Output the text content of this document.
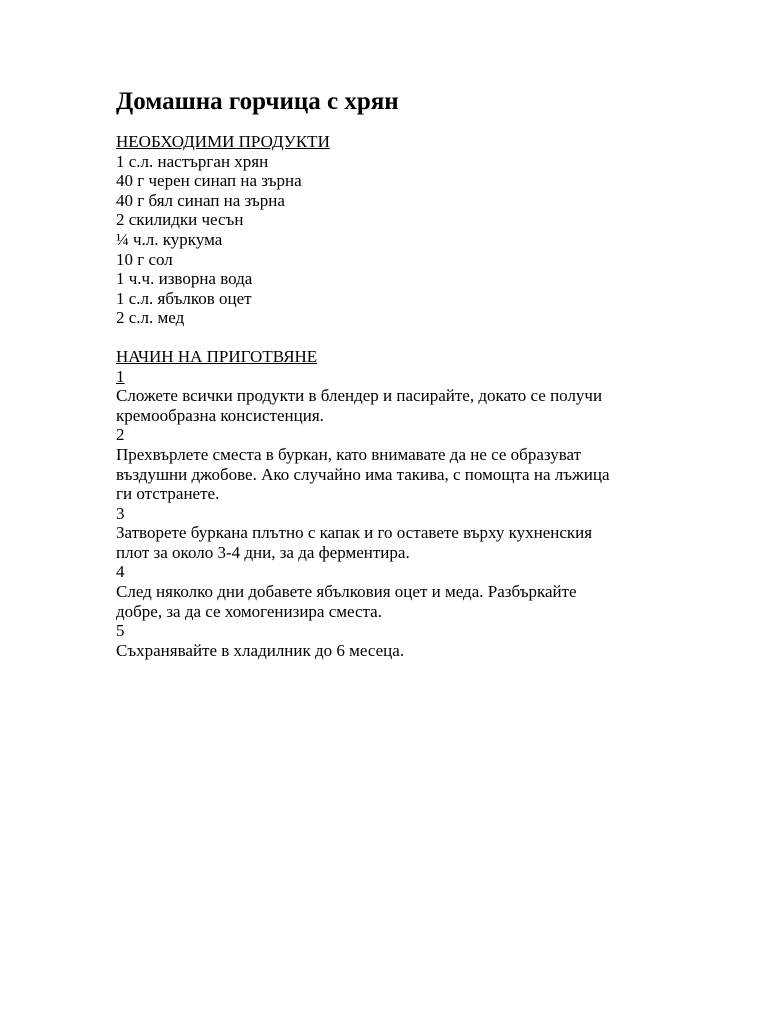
Домашна горчица с хрян
НЕОБХОДИМИ ПРОДУКТИ
1 с.л. настърган хрян
40 г черен синап на зърна
40 г бял синап на зърна
2 скилидки чесън
¼ ч.л. куркума
10 г сол
1 ч.ч. изворна вода
1 с.л. ябълков оцет
2 с.л. мед
НАЧИН НА ПРИГОТВЯНЕ
1
Сложете всички продукти в блендер и пасирайте, докато се получи
кремообразна консистенция.
2
Прехвърлете сместа в буркан, като внимавате да не се образуват
въздушни джобове. Ако случайно има такива, с помощта на лъжица
ги отстранете.
3
Затворете буркана плътно с капак и го оставете върху кухненския
плот за около 3-4 дни, за да ферментира.
4
След няколко дни добавете ябълковия оцет и меда. Разбъркайте
добре, за да се хомогенизира сместа.
5
Съхранявайте в хладилник до 6 месеца.
